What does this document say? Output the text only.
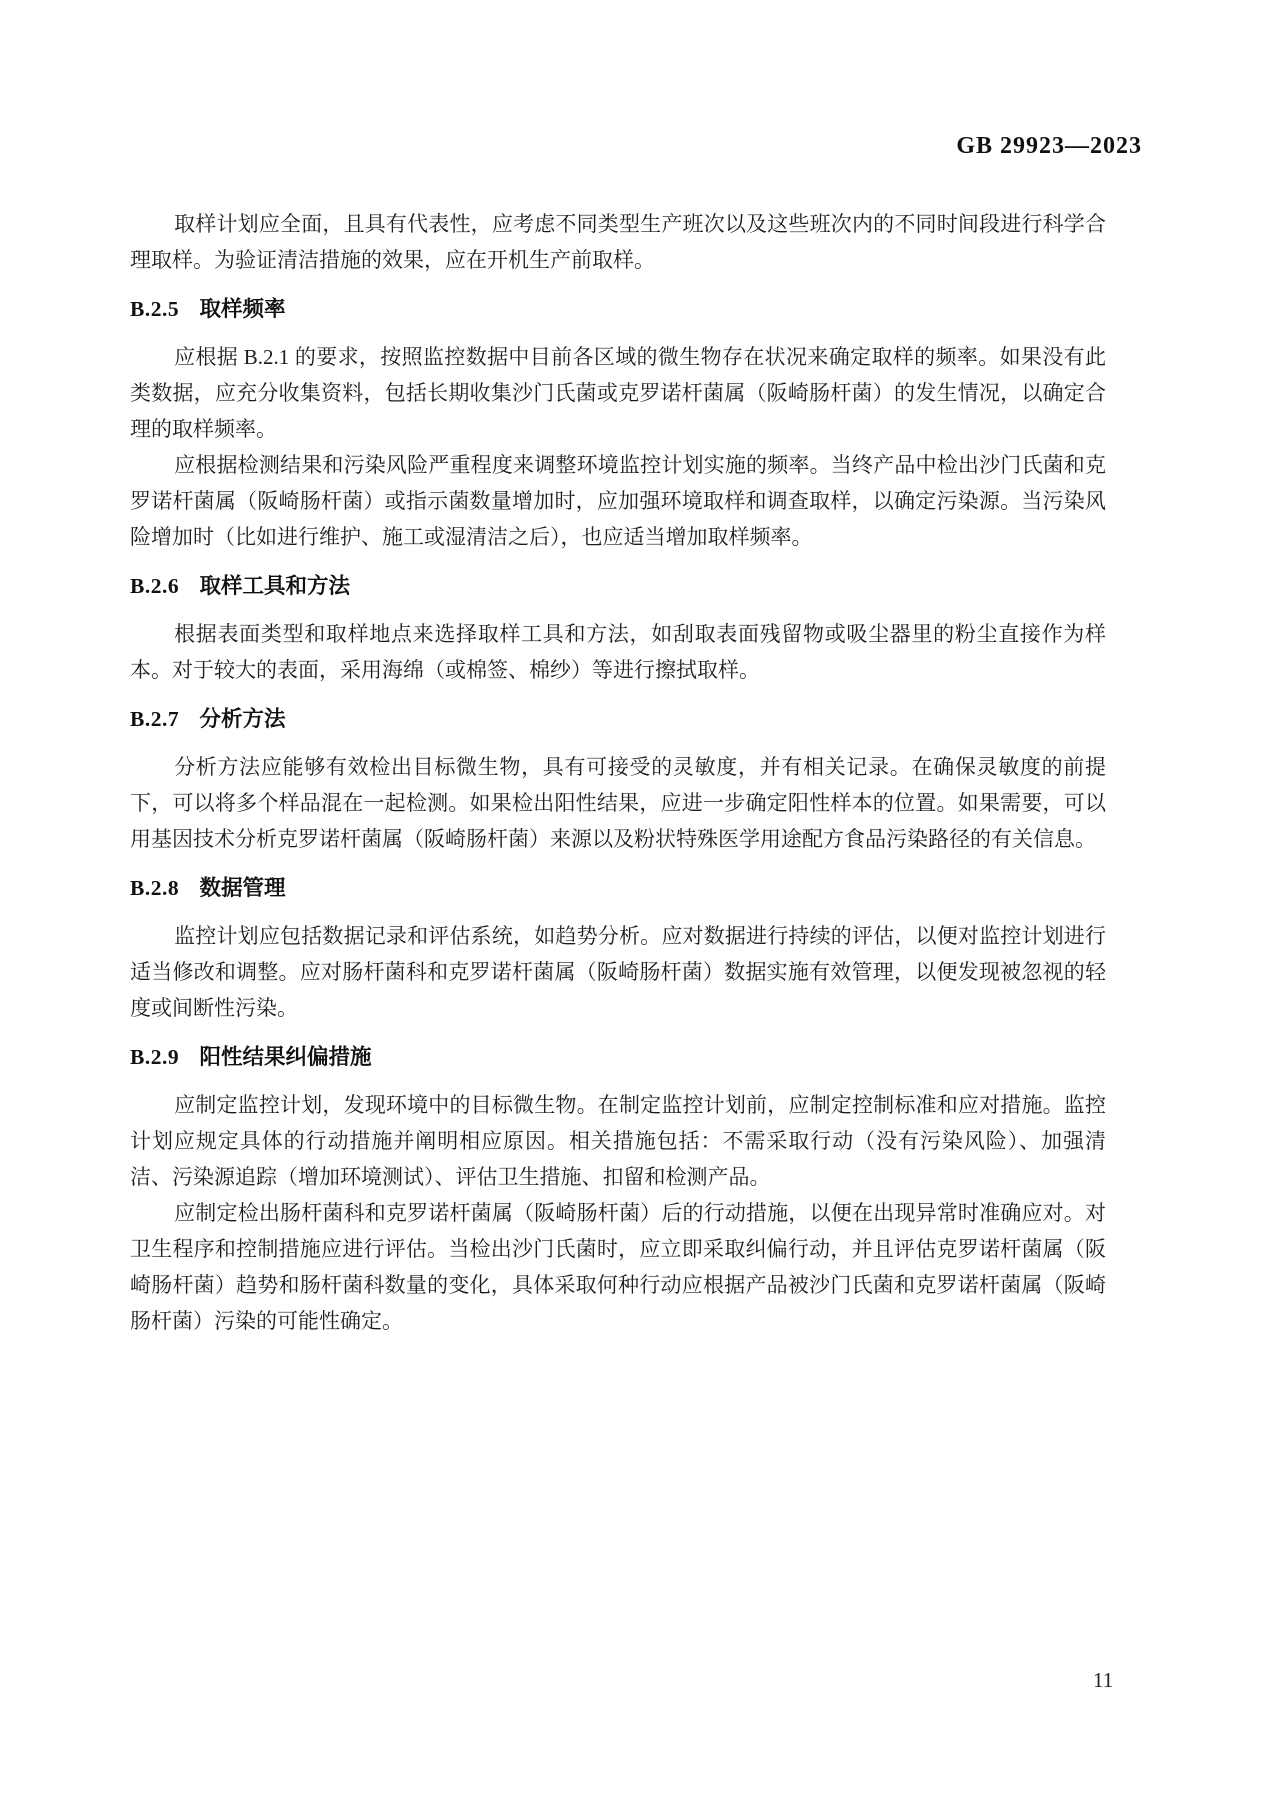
GB 29923—2023

取样计划应全面，且具有代表性，应考虑不同类型生产班次以及这些班次内的不同时间段进行科学合理取样。为验证清洁措施的效果，应在开机生产前取样。

B.2.5 取样频率

应根据 B.2.1 的要求，按照监控数据中目前各区域的微生物存在状况来确定取样的频率。如果没有此类数据，应充分收集资料，包括长期收集沙门氏菌或克罗诺杆菌属（阪崎肠杆菌）的发生情况，以确定合理的取样频率。

应根据检测结果和污染风险严重程度来调整环境监控计划实施的频率。当终产品中检出沙门氏菌和克罗诺杆菌属（阪崎肠杆菌）或指示菌数量增加时，应加强环境取样和调查取样，以确定污染源。当污染风险增加时（比如进行维护、施工或湿清洁之后），也应适当增加取样频率。

B.2.6 取样工具和方法

根据表面类型和取样地点来选择取样工具和方法，如刮取表面残留物或吸尘器里的粉尘直接作为样本。对于较大的表面，采用海绵（或棉签、棉纱）等进行擦拭取样。

B.2.7 分析方法

分析方法应能够有效检出目标微生物，具有可接受的灵敏度，并有相关记录。在确保灵敏度的前提下，可以将多个样品混在一起检测。如果检出阳性结果，应进一步确定阳性样本的位置。如果需要，可以用基因技术分析克罗诺杆菌属（阪崎肠杆菌）来源以及粉状特殊医学用途配方食品污染路径的有关信息。

B.2.8 数据管理

监控计划应包括数据记录和评估系统，如趋势分析。应对数据进行持续的评估，以便对监控计划进行适当修改和调整。应对肠杆菌科和克罗诺杆菌属（阪崎肠杆菌）数据实施有效管理，以便发现被忽视的轻度或间断性污染。

B.2.9 阳性结果纠偏措施

应制定监控计划，发现环境中的目标微生物。在制定监控计划前，应制定控制标准和应对措施。监控计划应规定具体的行动措施并阐明相应原因。相关措施包括：不需采取行动（没有污染风险）、加强清洁、污染源追踪（增加环境测试）、评估卫生措施、扣留和检测产品。

应制定检出肠杆菌科和克罗诺杆菌属（阪崎肠杆菌）后的行动措施，以便在出现异常时准确应对。对卫生程序和控制措施应进行评估。当检出沙门氏菌时，应立即采取纠偏行动，并且评估克罗诺杆菌属（阪崎肠杆菌）趋势和肠杆菌科数量的变化，具体采取何种行动应根据产品被沙门氏菌和克罗诺杆菌属（阪崎肠杆菌）污染的可能性确定。

11
